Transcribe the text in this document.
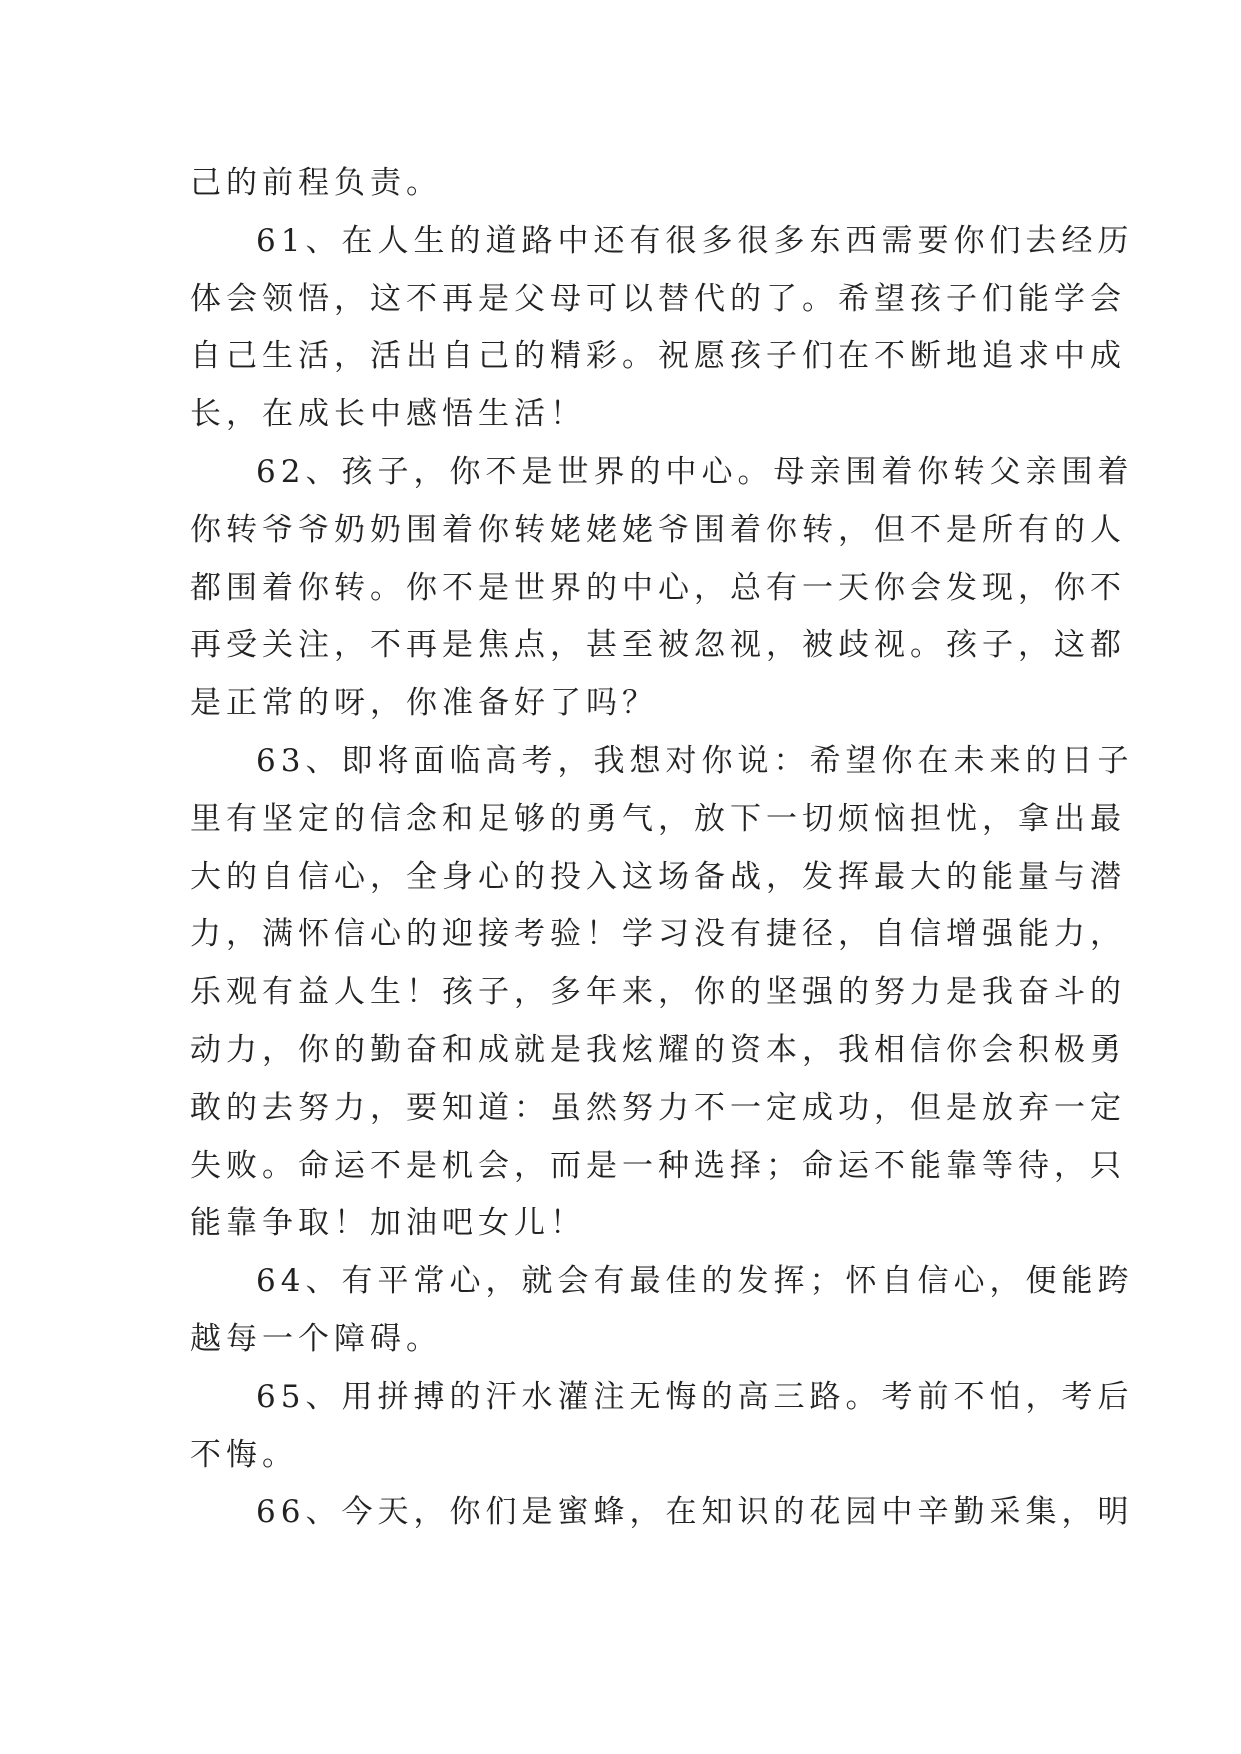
己的前程负责。
61、在人生的道路中还有很多很多东西需要你们去经历
体会领悟，这不再是父母可以替代的了。希望孩子们能学会
自己生活，活出自己的精彩。祝愿孩子们在不断地追求中成
长，在成长中感悟生活！
62、孩子，你不是世界的中心。母亲围着你转父亲围着
你转爷爷奶奶围着你转姥姥姥爷围着你转，但不是所有的人
都围着你转。你不是世界的中心，总有一天你会发现，你不
再受关注，不再是焦点，甚至被忽视，被歧视。孩子，这都
是正常的呀，你准备好了吗？
63、即将面临高考，我想对你说：希望你在未来的日子
里有坚定的信念和足够的勇气，放下一切烦恼担忧，拿出最
大的自信心，全身心的投入这场备战，发挥最大的能量与潜
力，满怀信心的迎接考验！学习没有捷径，自信增强能力，
乐观有益人生！孩子，多年来，你的坚强的努力是我奋斗的
动力，你的勤奋和成就是我炫耀的资本，我相信你会积极勇
敢的去努力，要知道：虽然努力不一定成功，但是放弃一定
失败。命运不是机会，而是一种选择；命运不能靠等待，只
能靠争取！加油吧女儿！
64、有平常心，就会有最佳的发挥；怀自信心，便能跨
越每一个障碍。
65、用拼搏的汗水灌注无悔的高三路。考前不怕，考后
不悔。
66、今天，你们是蜜蜂，在知识的花园中辛勤采集，明
